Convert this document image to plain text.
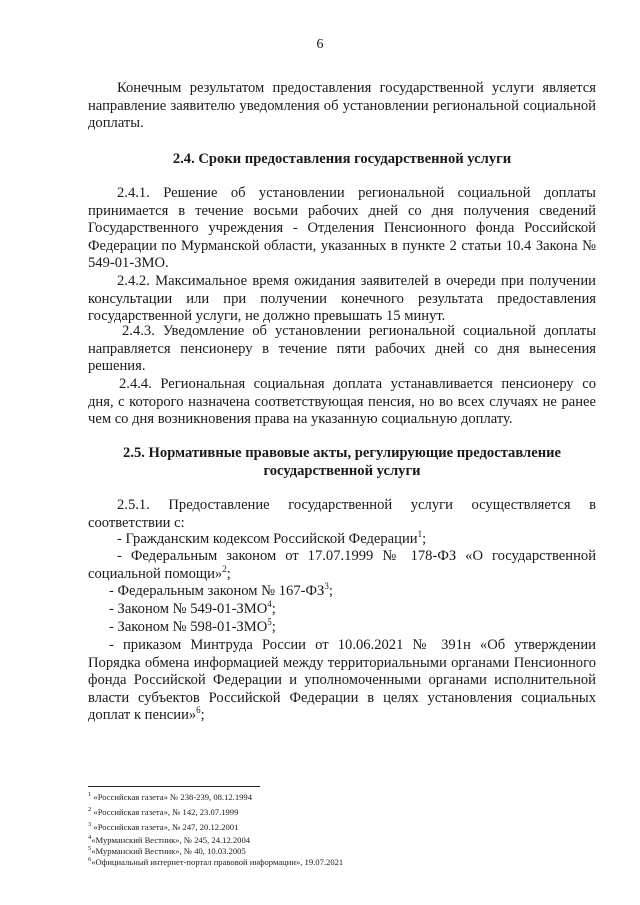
6

Конечным результатом предоставления государственной услуги является направление заявителю уведомления об установлении региональной социальной доплаты.

2.4. Сроки предоставления государственной услуги

2.4.1. Решение об установлении региональной социальной доплаты принимается в течение восьми рабочих дней со дня получения сведений Государственного учреждения - Отделения Пенсионного фонда Российской Федерации по Мурманской области, указанных в пункте 2 статьи 10.4 Закона № 549-01-ЗМО.

2.4.2. Максимальное время ожидания заявителей в очереди при получении консультации или при получении конечного результата предоставления государственной услуги, не должно превышать 15 минут.

2.4.3. Уведомление об установлении региональной социальной доплаты направляется пенсионеру в течение пяти рабочих дней со дня вынесения решения.

2.4.4. Региональная социальная доплата устанавливается пенсионеру со дня, с которого назначена соответствующая пенсия, но во всех случаях не ранее чем со дня возникновения права на указанную социальную доплату.

2.5. Нормативные правовые акты, регулирующие предоставление
государственной услуги

2.5.1. Предоставление государственной услуги осуществляется в соответствии с:

- Гражданским кодексом Российской Федерации$^1$;

- Федеральным законом от 17.07.1999 № 178-ФЗ «О государственной социальной помощи»$^2$;

- Федеральным законом № $167-ФЗ^3$;

- Законом № 549-01-ЗМО$^4$;

- Законом № 598-01-ЗМО$^5$;

- приказом Минтруда России от 10.06.2021 № 391н «Об утверждении Порядка обмена информацией между территориальными органами Пенсионного фонда Российской Федерации и уполномоченными органами исполнительной власти субъектов Российской Федерации в целях установления социальных доплат к пенсии»$^6$;

$^1$ «Российская газета» № 238-239, 08.12.1994
$^2$ «Российская газета», № 142, 23.07.1999
$^3$ «Российская газета», № 247, 20.12.2001
$^4$«Мурманский Вестник», № 245, 24.12.2004
$^5$«Мурманский Вестник», № 40, 10.03.2005
$^6$«Официальный интернет-портал правовой информации», 19.07.2021
